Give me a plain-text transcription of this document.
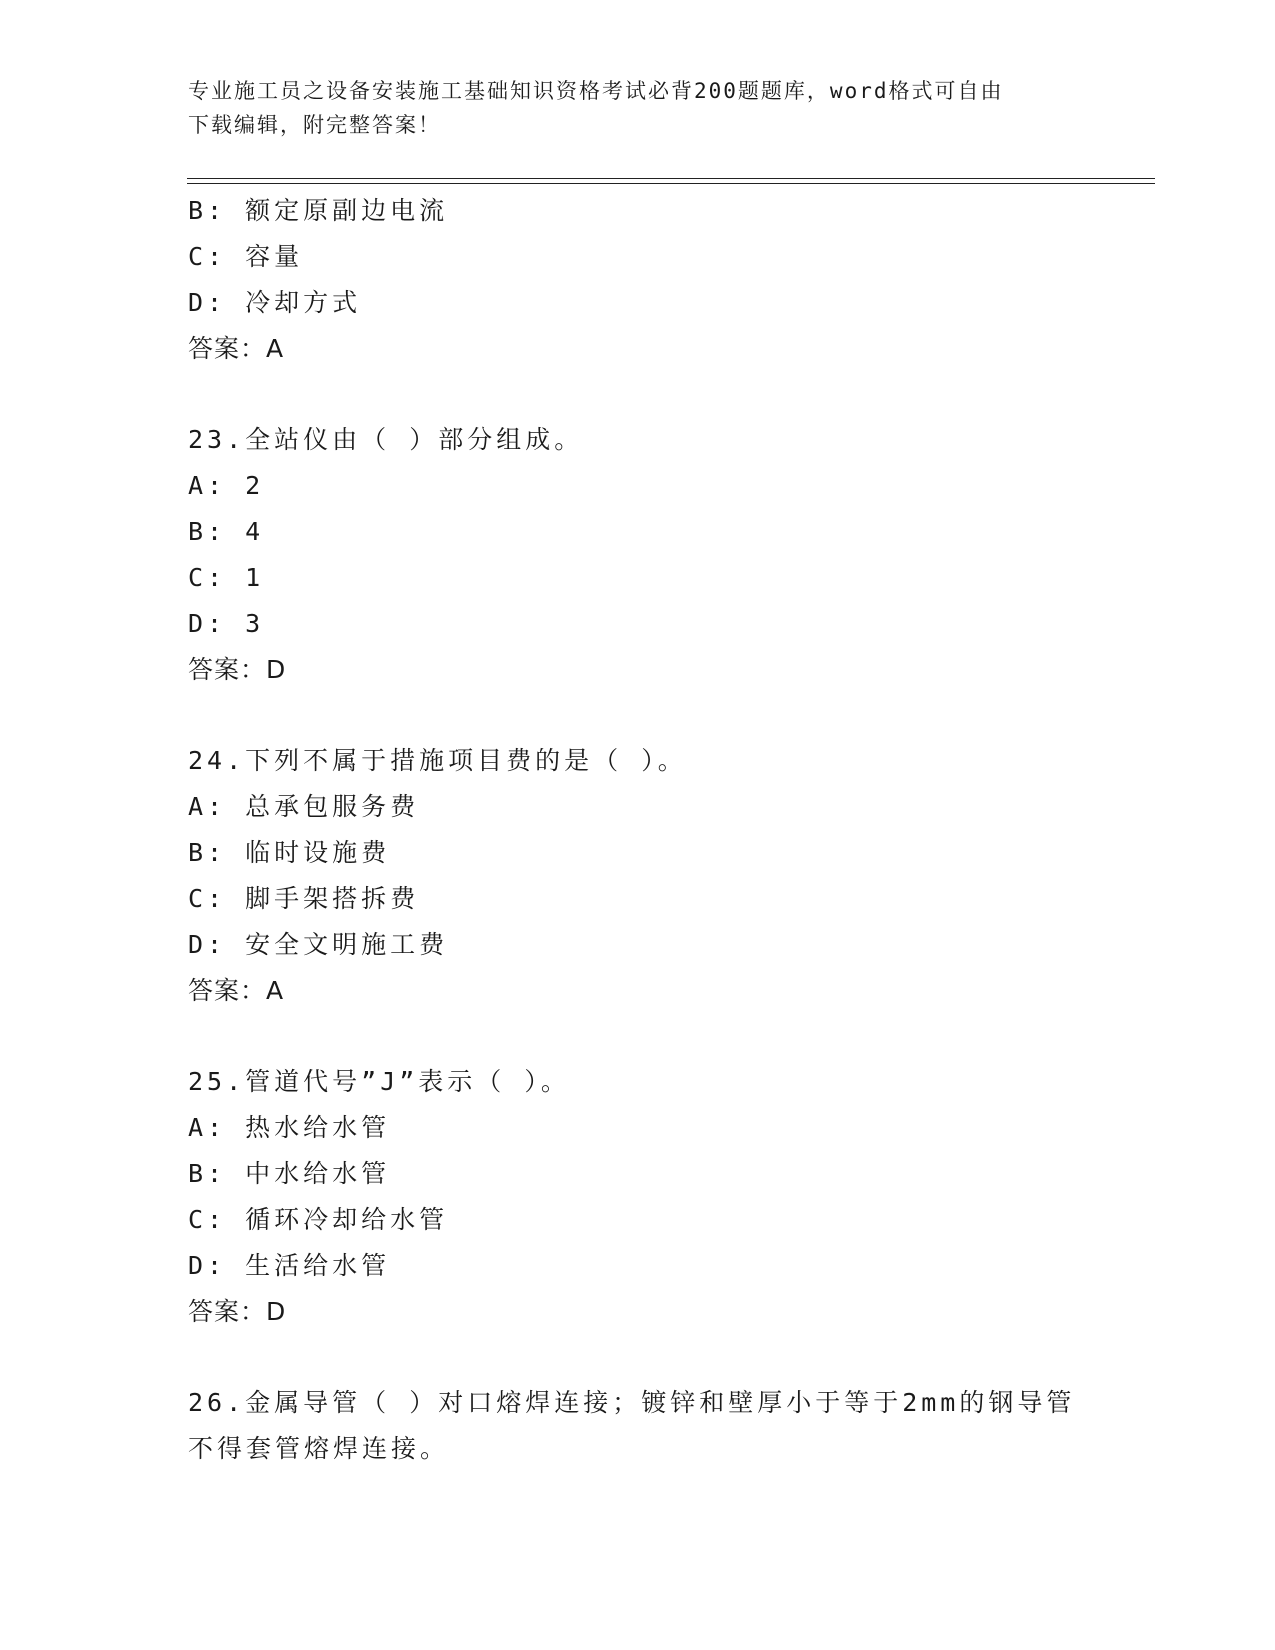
专业施工员之设备安装施工基础知识资格考试必背200题题库，word格式可自由
下载编辑，附完整答案！
B: 额定原副边电流
C: 容量
D: 冷却方式
答案：A
23.全站仪由（ ）部分组成。
A: 2
B: 4
C: 1
D: 3
答案：D
24.下列不属于措施项目费的是（ ）。
A: 总承包服务费
B: 临时设施费
C: 脚手架搭拆费
D: 安全文明施工费
答案：A
25.管道代号”J”表示（ ）。
A: 热水给水管
B: 中水给水管
C: 循环冷却给水管
D: 生活给水管
答案：D
26.金属导管（ ）对口熔焊连接；镀锌和壁厚小于等于2mm的钢导管
不得套管熔焊连接。
